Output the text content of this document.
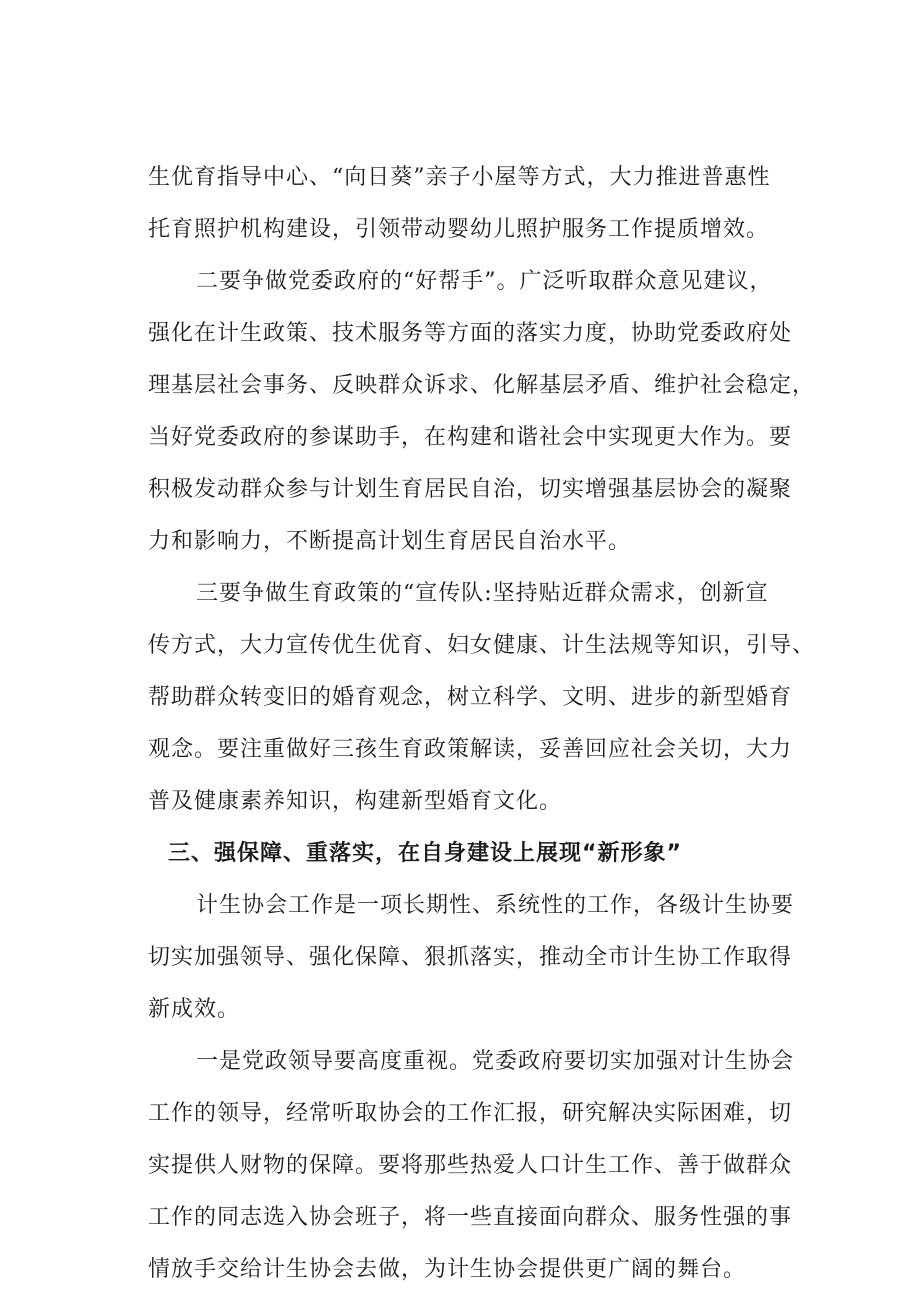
生优育指导中心、“向日葵”亲子小屋等方式，大力推进普惠性
托育照护机构建设，引领带动婴幼儿照护服务工作提质增效。
二要争做党委政府的“好帮手”。广泛听取群众意见建议，
强化在计生政策、技术服务等方面的落实力度，协助党委政府处
理基层社会事务、反映群众诉求、化解基层矛盾、维护社会稳定，
当好党委政府的参谋助手，在构建和谐社会中实现更大作为。要
积极发动群众参与计划生育居民自治，切实增强基层协会的凝聚
力和影响力，不断提高计划生育居民自治水平。
三要争做生育政策的“宣传队:坚持贴近群众需求，创新宣
传方式，大力宣传优生优育、妇女健康、计生法规等知识，引导、
帮助群众转变旧的婚育观念，树立科学、文明、进步的新型婚育
观念。要注重做好三孩生育政策解读，妥善回应社会关切，大力
普及健康素养知识，构建新型婚育文化。
三、强保障、重落实，在自身建设上展现“新形象”
计生协会工作是一项长期性、系统性的工作，各级计生协要
切实加强领导、强化保障、狠抓落实，推动全市计生协工作取得
新成效。
一是党政领导要高度重视。党委政府要切实加强对计生协会
工作的领导，经常听取协会的工作汇报，研究解决实际困难，切
实提供人财物的保障。要将那些热爱人口计生工作、善于做群众
工作的同志选入协会班子，将一些直接面向群众、服务性强的事
情放手交给计生协会去做，为计生协会提供更广阔的舞台。
